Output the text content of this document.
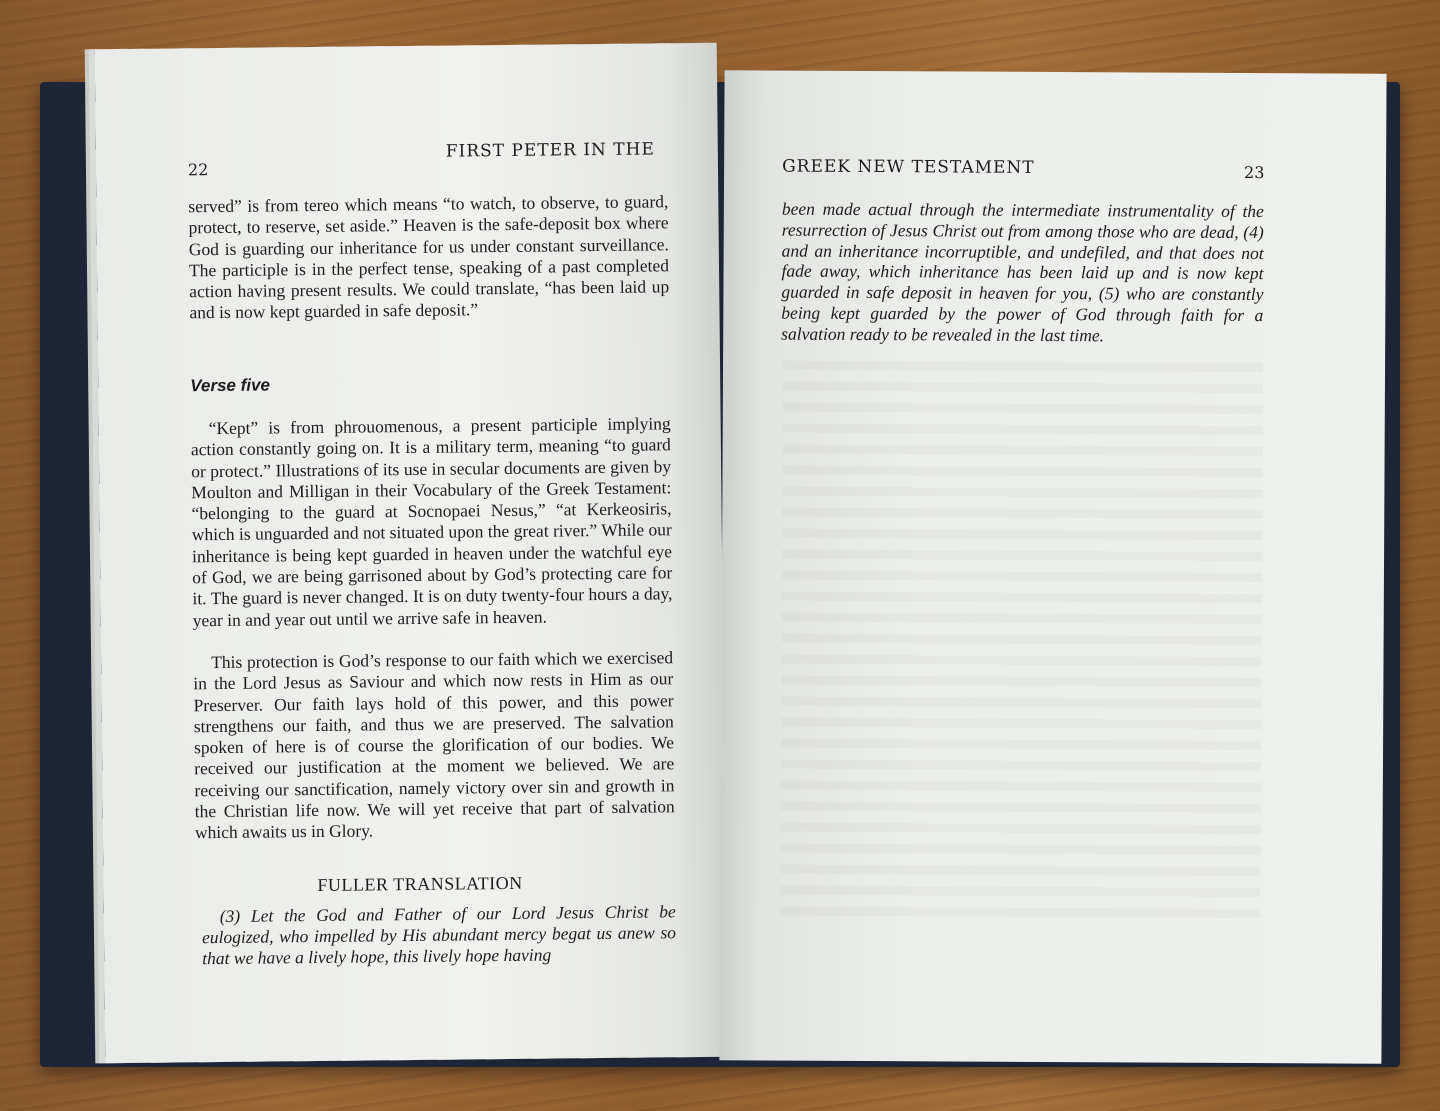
22
FIRST PETER IN THE

served” is from tereo which means “to watch, to observe, to guard, protect, to reserve, set aside.” Heaven is the safe-deposit box where God is guarding our inheritance for us under constant surveillance. The participle is in the perfect tense, speaking of a past completed action having present results. We could translate, “has been laid up and is now kept guarded in safe deposit.”

Verse five

“Kept” is from phrouomenous, a present participle implying action constantly going on. It is a military term, meaning “to guard or protect.” Illustrations of its use in secular documents are given by Moulton and Milligan in their Vocabulary of the Greek Testament: “belonging to the guard at Socnopaei Nesus,” “at Kerkeosiris, which is unguarded and not situated upon the great river.” While our inheritance is being kept guarded in heaven under the watchful eye of God, we are being garrisoned about by God’s protecting care for it. The guard is never changed. It is on duty twenty-four hours a day, year in and year out until we arrive safe in heaven.

This protection is God’s response to our faith which we exercised in the Lord Jesus as Saviour and which now rests in Him as our Preserver. Our faith lays hold of this power, and this power strengthens our faith, and thus we are preserved. The salvation spoken of here is of course the glorification of our bodies. We received our justification at the moment we believed. We are receiving our sanctification, namely victory over sin and growth in the Christian life now. We will yet receive that part of salvation which awaits us in Glory.

FULLER TRANSLATION
(3) Let the God and Father of our Lord Jesus Christ be eulogized, who impelled by His abundant mercy begat us anew so that we have a lively hope, this lively hope having
GREEK NEW TESTAMENT	23
been made actual through the intermediate instrumentality of the resurrection of Jesus Christ out from among those who are dead, (4) and an inheritance incorruptible, and undefiled, and that does not fade away, which inheritance has been laid up and is now kept guarded in safe deposit in heaven for you, (5) who are constantly being kept guarded by the power of God through faith for a salvation ready to be revealed in the last time.
